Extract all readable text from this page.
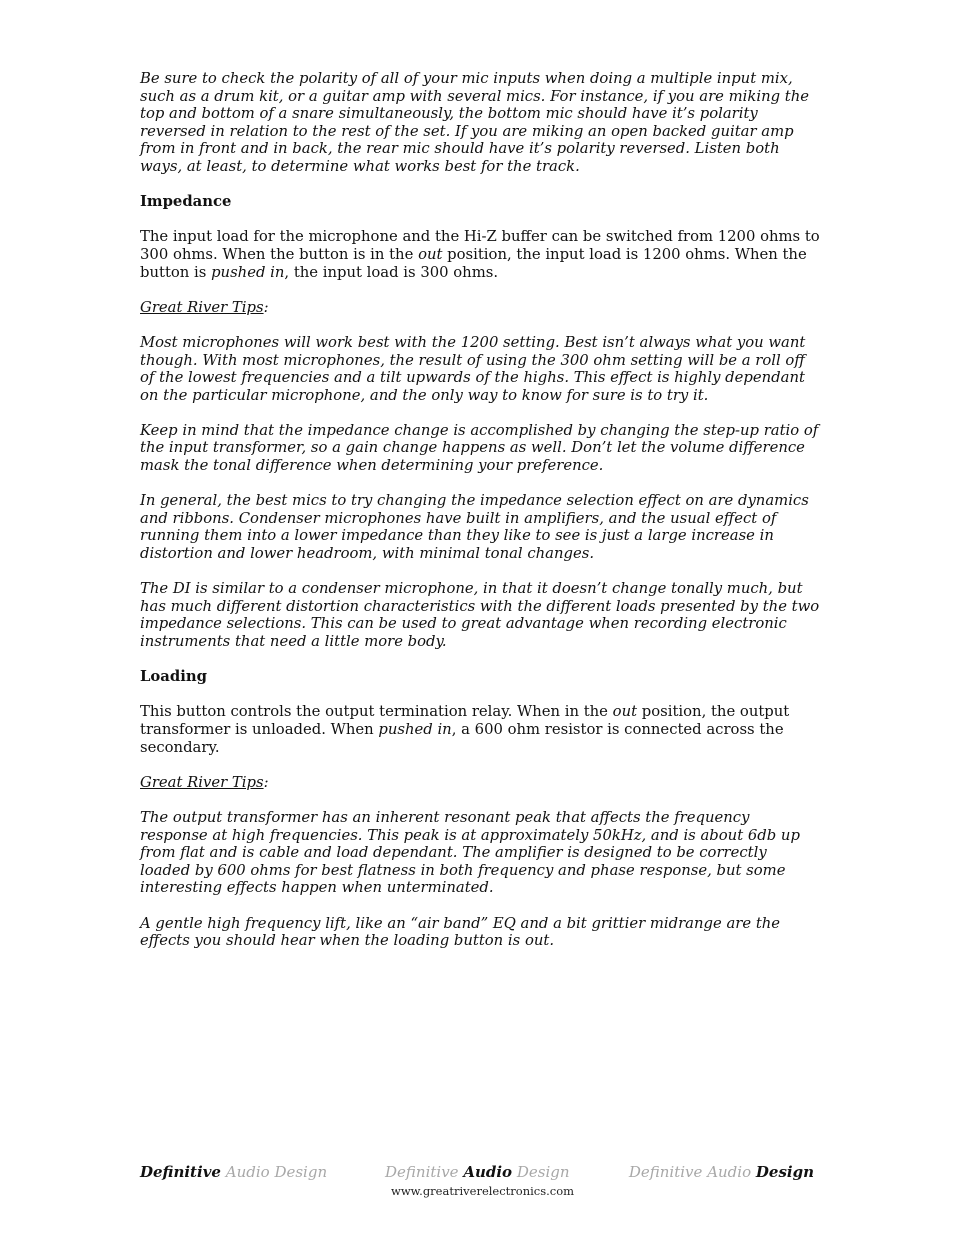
Be sure to check the polarity of all of your mic inputs when doing a multiple input mix, such as a drum kit, or a guitar amp with several mics. For instance, if you are miking the top and bottom of a snare simultaneously, the bottom mic should have it’s polarity reversed in relation to the rest of the set. If you are miking an open backed guitar amp from in front and in back, the rear mic should have it’s polarity reversed. Listen both ways, at least, to determine what works best for the track.

Impedance

The input load for the microphone and the Hi-Z buffer can be switched from 1200 ohms to 300 ohms. When the button is in the out position, the input load is 1200 ohms. When the button is pushed in, the input load is 300 ohms.

Great River Tips:

Most microphones will work best with the 1200 setting. Best isn’t always what you want though. With most microphones, the result of using the 300 ohm setting will be a roll off of the lowest frequencies and a tilt upwards of the highs. This effect is highly dependant on the particular microphone, and the only way to know for sure is to try it.

Keep in mind that the impedance change is accomplished by changing the step-up ratio of the input transformer, so a gain change happens as well. Don’t let the volume difference mask the tonal difference when determining your preference.

In general, the best mics to try changing the impedance selection effect on are dynamics and ribbons. Condenser microphones have built in amplifiers, and the usual effect of running them into a lower impedance than they like to see is just a large increase in distortion and lower headroom, with minimal tonal changes.

The DI is similar to a condenser microphone, in that it doesn’t change tonally much, but has much different distortion characteristics with the different loads presented by the two impedance selections. This can be used to great advantage when recording electronic instruments that need a little more body.

Loading

This button controls the output termination relay. When in the out position, the output transformer is unloaded. When pushed in, a 600 ohm resistor is connected across the secondary.

Great River Tips:

The output transformer has an inherent resonant peak that affects the frequency response at high frequencies. This peak is at approximately 50kHz, and is about 6db up from flat and is cable and load dependant. The amplifier is designed to be correctly loaded by 600 ohms for best flatness in both frequency and phase response, but some interesting effects happen when unterminated.

A gentle high frequency lift, like an “air band” EQ and a bit grittier midrange are the effects you should hear when the loading button is out.

Definitive Audio Design	Definitive Audio Design	Definitive Audio Design
www.greatriverelectronics.com
